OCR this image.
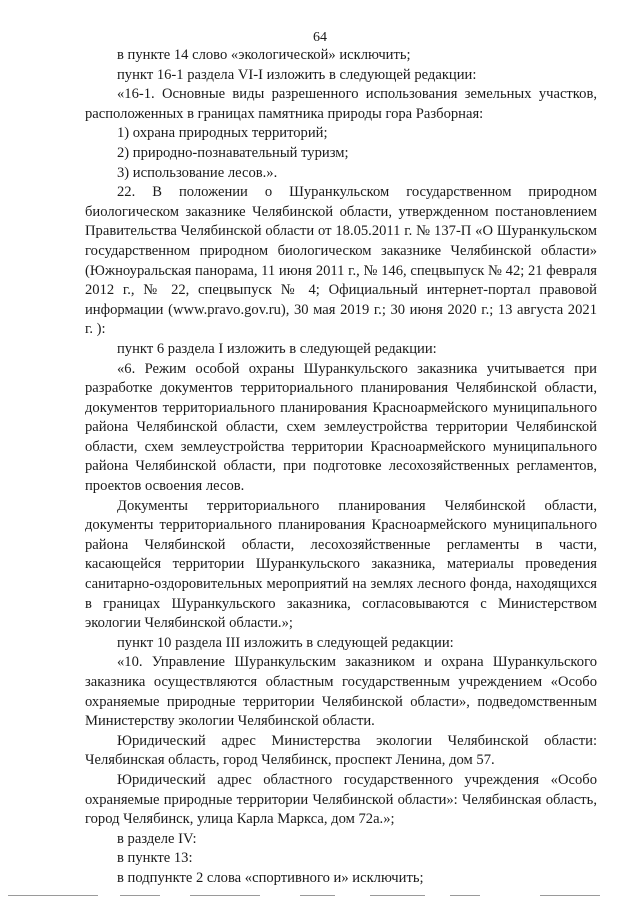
64

в пункте 14 слово «экологической» исключить;

пункт 16-1 раздела VI-I изложить в следующей редакции:

«16-1. Основные виды разрешенного использования земельных участков, расположенных в границах памятника природы гора Разборная:

1) охрана природных территорий;

2) природно-познавательный туризм;

3) использование лесов.».

22. В положении о Шуранкульском государственном природном биологическом заказнике Челябинской области, утвержденном постановлением Правительства Челябинской области от 18.05.2011 г. № 137-П «О Шуранкульском государственном природном биологическом заказнике Челябинской области» (Южноуральская панорама, 11 июня 2011 г., № 146, спецвыпуск № 42; 21 февраля 2012 г., № 22, спецвыпуск № 4; Официальный интернет-портал правовой информации (www.pravo.gov.ru), 30 мая 2019 г.; 30 июня 2020 г.; 13 августа 2021 г. ):

пункт 6 раздела I изложить в следующей редакции:

«6. Режим особой охраны Шуранкульского заказника учитывается при разработке документов территориального планирования Челябинской области, документов территориального планирования Красноармейского муниципального района Челябинской области, схем землеустройства территории Челябинской области, схем землеустройства территории Красноармейского муниципального района Челябинской области, при подготовке лесохозяйственных регламентов, проектов освоения лесов.

Документы территориального планирования Челябинской области, документы территориального планирования Красноармейского муниципального района Челябинской области, лесохозяйственные регламенты в части, касающейся территории Шуранкульского заказника, материалы проведения санитарно-оздоровительных мероприятий на землях лесного фонда, находящихся в границах Шуранкульского заказника, согласовываются с Министерством экологии Челябинской области.»;

пункт 10 раздела III изложить в следующей редакции:

«10. Управление Шуранкульским заказником и охрана Шуранкульского заказника осуществляются областным государственным учреждением «Особо охраняемые природные территории Челябинской области», подведомственным Министерству экологии Челябинской области.

Юридический адрес Министерства экологии Челябинской области: Челябинская область, город Челябинск, проспект Ленина, дом 57.

Юридический адрес областного государственного учреждения «Особо охраняемые природные территории Челябинской области»: Челябинская область, город Челябинск, улица Карла Маркса, дом 72а.»;

в разделе IV:

в пункте 13:

в подпункте 2 слова «спортивного и» исключить;
